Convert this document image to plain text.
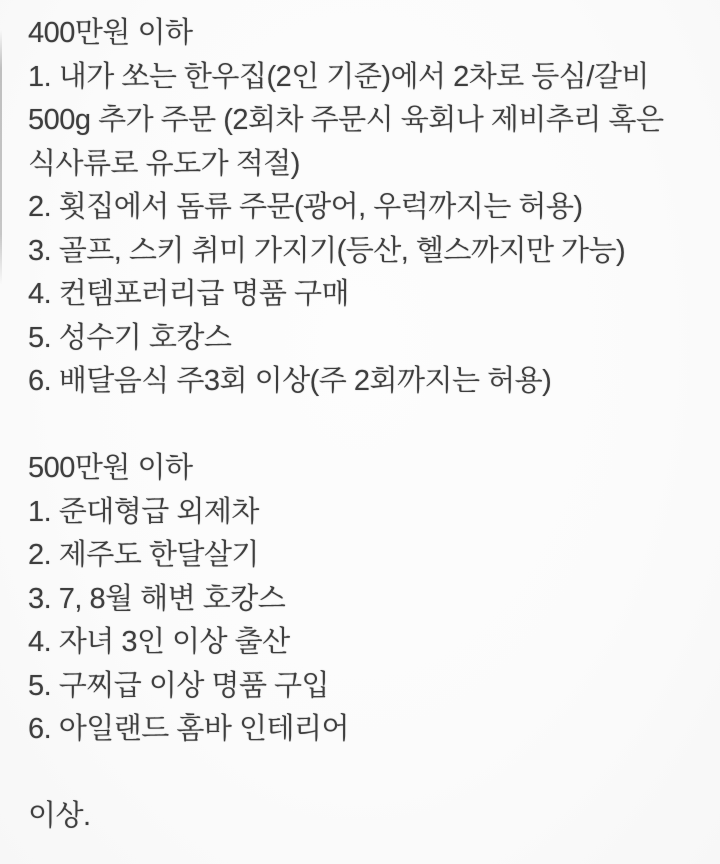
400만원 이하
1. 내가 쏘는 한우집(2인 기준)에서 2차로 등심/갈비
500g 추가 주문 (2회차 주문시 육회나 제비추리 혹은
식사류로 유도가 적절)
2. 횟집에서 돔류 주문(광어, 우럭까지는 허용)
3. 골프, 스키 취미 가지기(등산, 헬스까지만 가능)
4. 컨템포러리급 명품 구매
5. 성수기 호캉스
6. 배달음식 주3회 이상(주 2회까지는 허용)
500만원 이하
1. 준대형급 외제차
2. 제주도 한달살기
3. 7, 8월 해변 호캉스
4. 자녀 3인 이상 출산
5. 구찌급 이상 명품 구입
6. 아일랜드 홈바 인테리어
이상.
